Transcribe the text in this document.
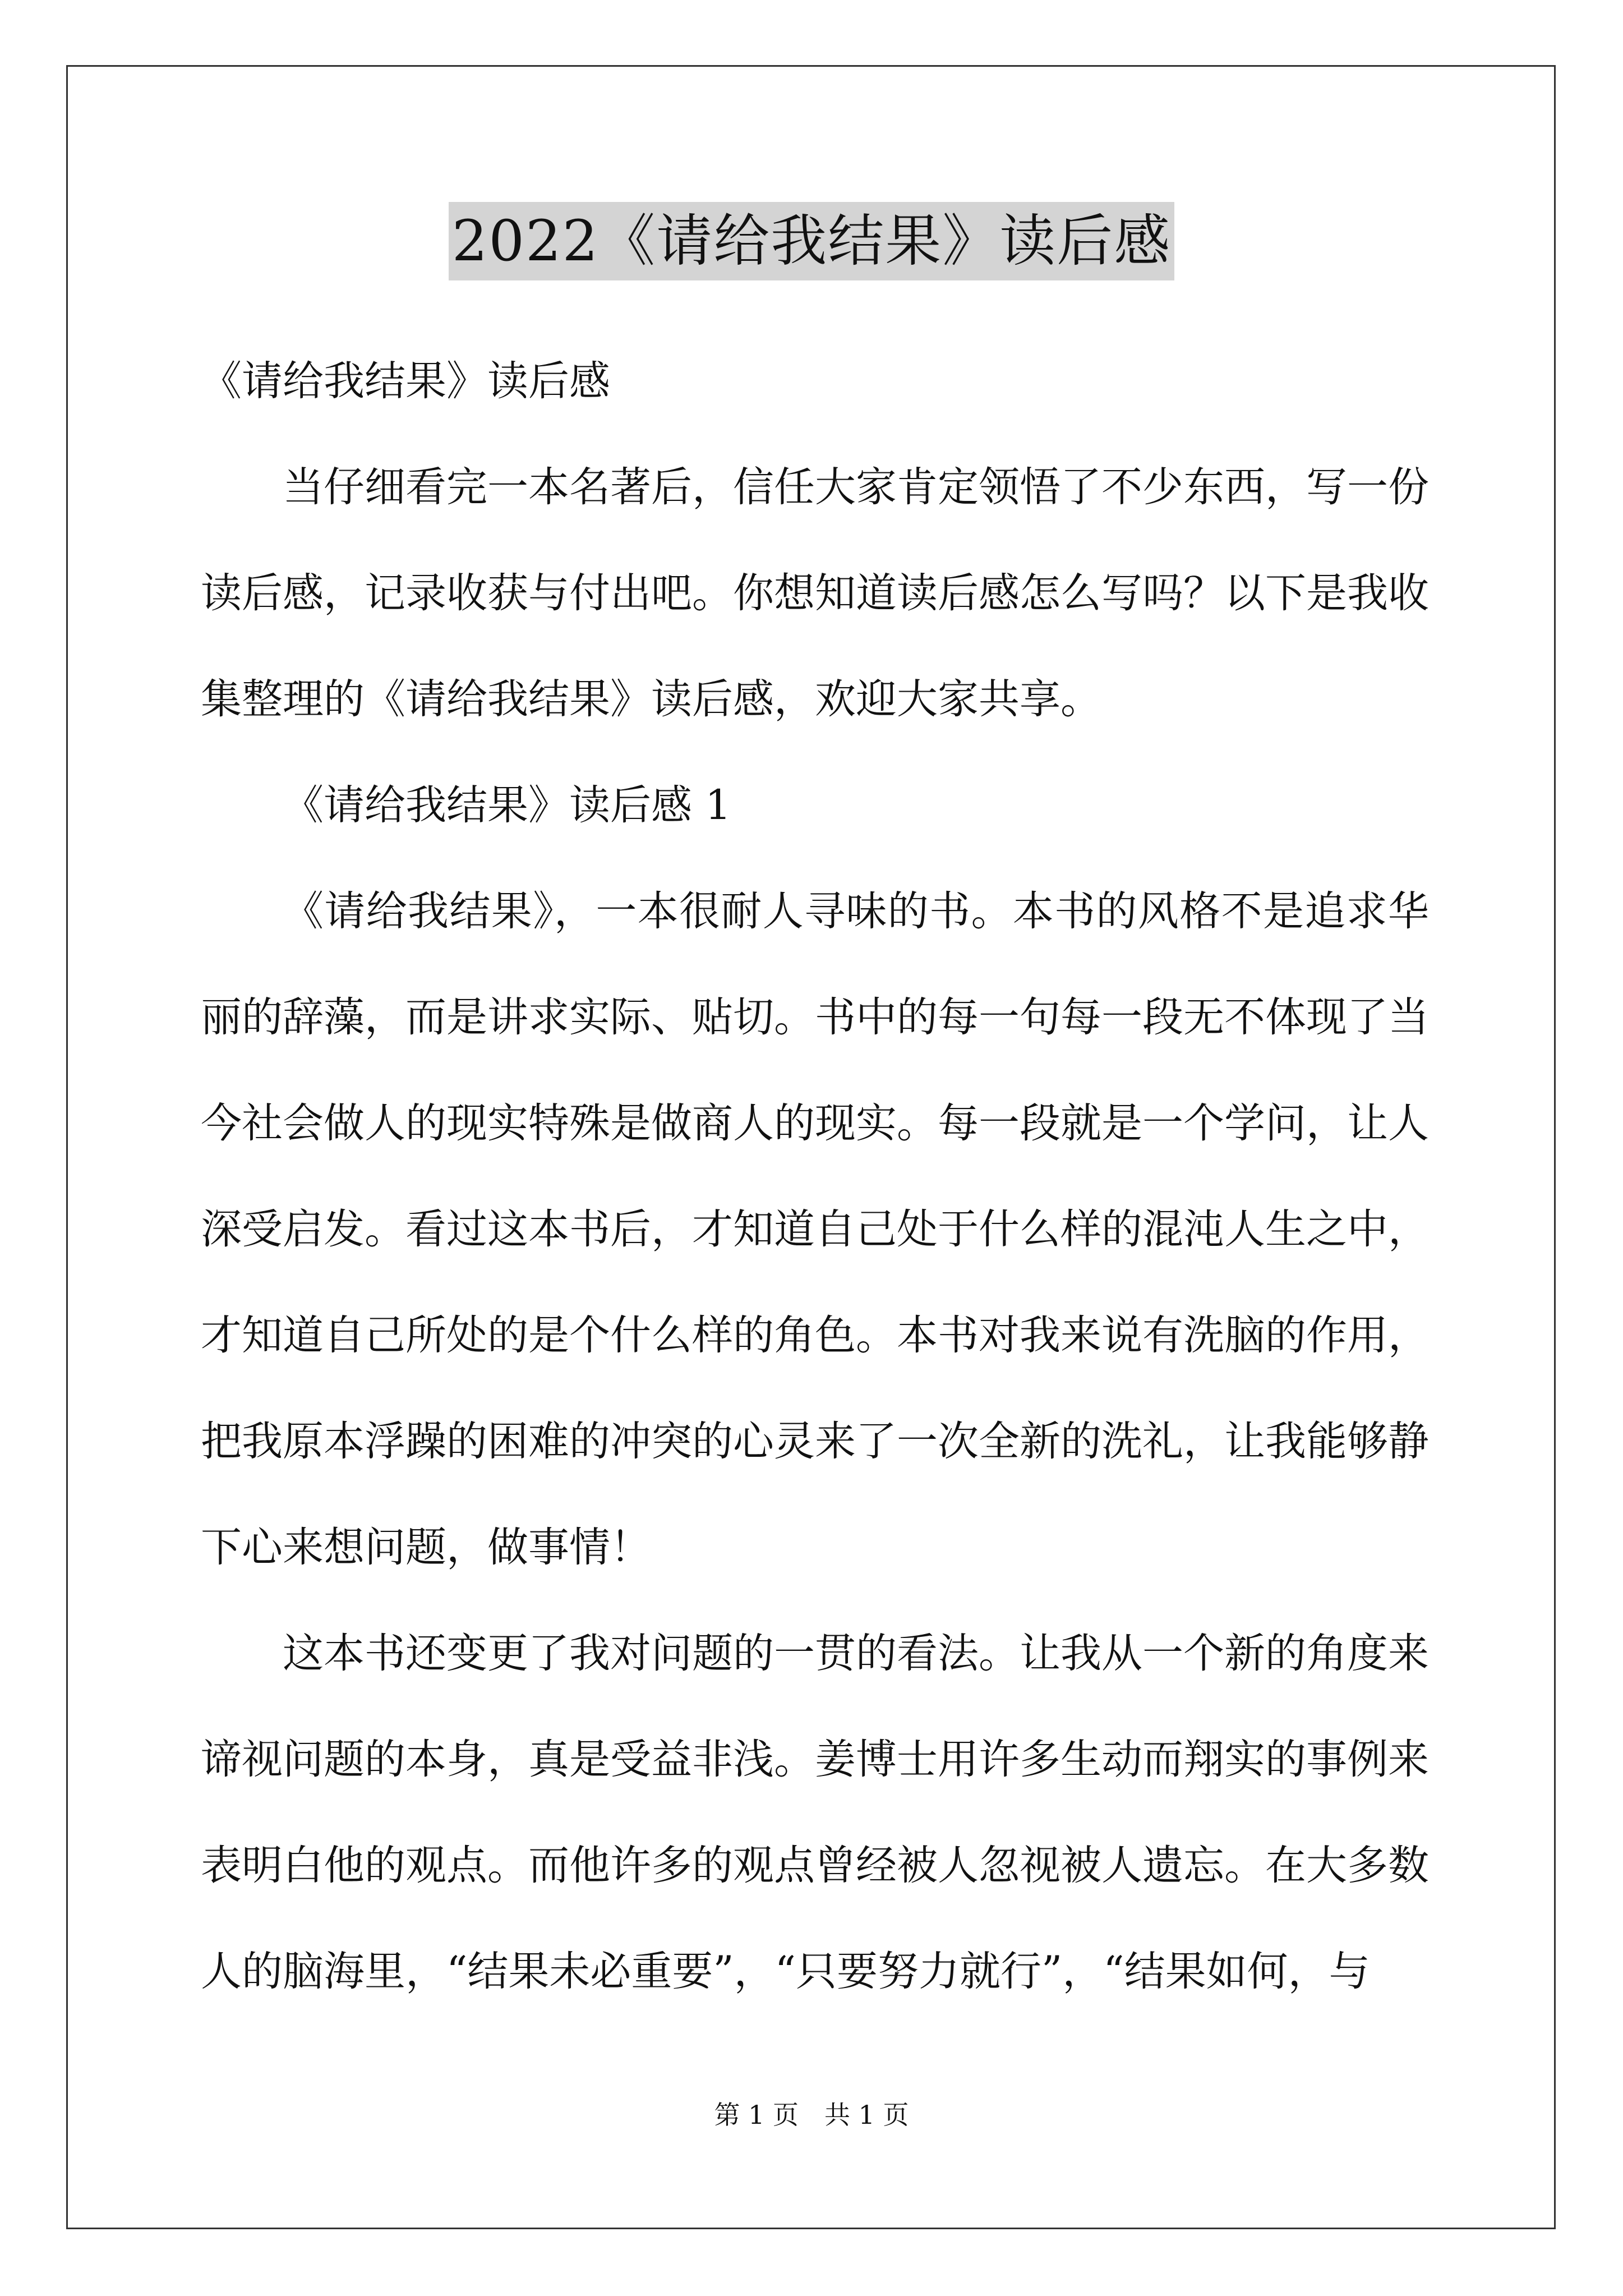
2022《请给我结果》读后感

《请给我结果》读后感

当仔细看完一本名著后，信任大家肯定领悟了不少东西，写一份读后感，记录收获与付出吧。你想知道读后感怎么写吗？以下是我收集整理的《请给我结果》读后感，欢迎大家共享。

《请给我结果》读后感 1

《请给我结果》，一本很耐人寻味的书。本书的风格不是追求华丽的辞藻，而是讲求实际、贴切。书中的每一句每一段无不体现了当今社会做人的现实特殊是做商人的现实。每一段就是一个学问，让人深受启发。看过这本书后，才知道自己处于什么样的混沌人生之中，才知道自己所处的是个什么样的角色。本书对我来说有洗脑的作用，把我原本浮躁的困难的冲突的心灵来了一次全新的洗礼，让我能够静下心来想问题，做事情！

这本书还变更了我对问题的一贯的看法。让我从一个新的角度来谛视问题的本身，真是受益非浅。姜博士用许多生动而翔实的事例来表明白他的观点。而他许多的观点曾经被人忽视被人遗忘。在大多数人的脑海里，“结果未必重要”，“只要努力就行”，“结果如何，与

第 1 页　共 1 页
